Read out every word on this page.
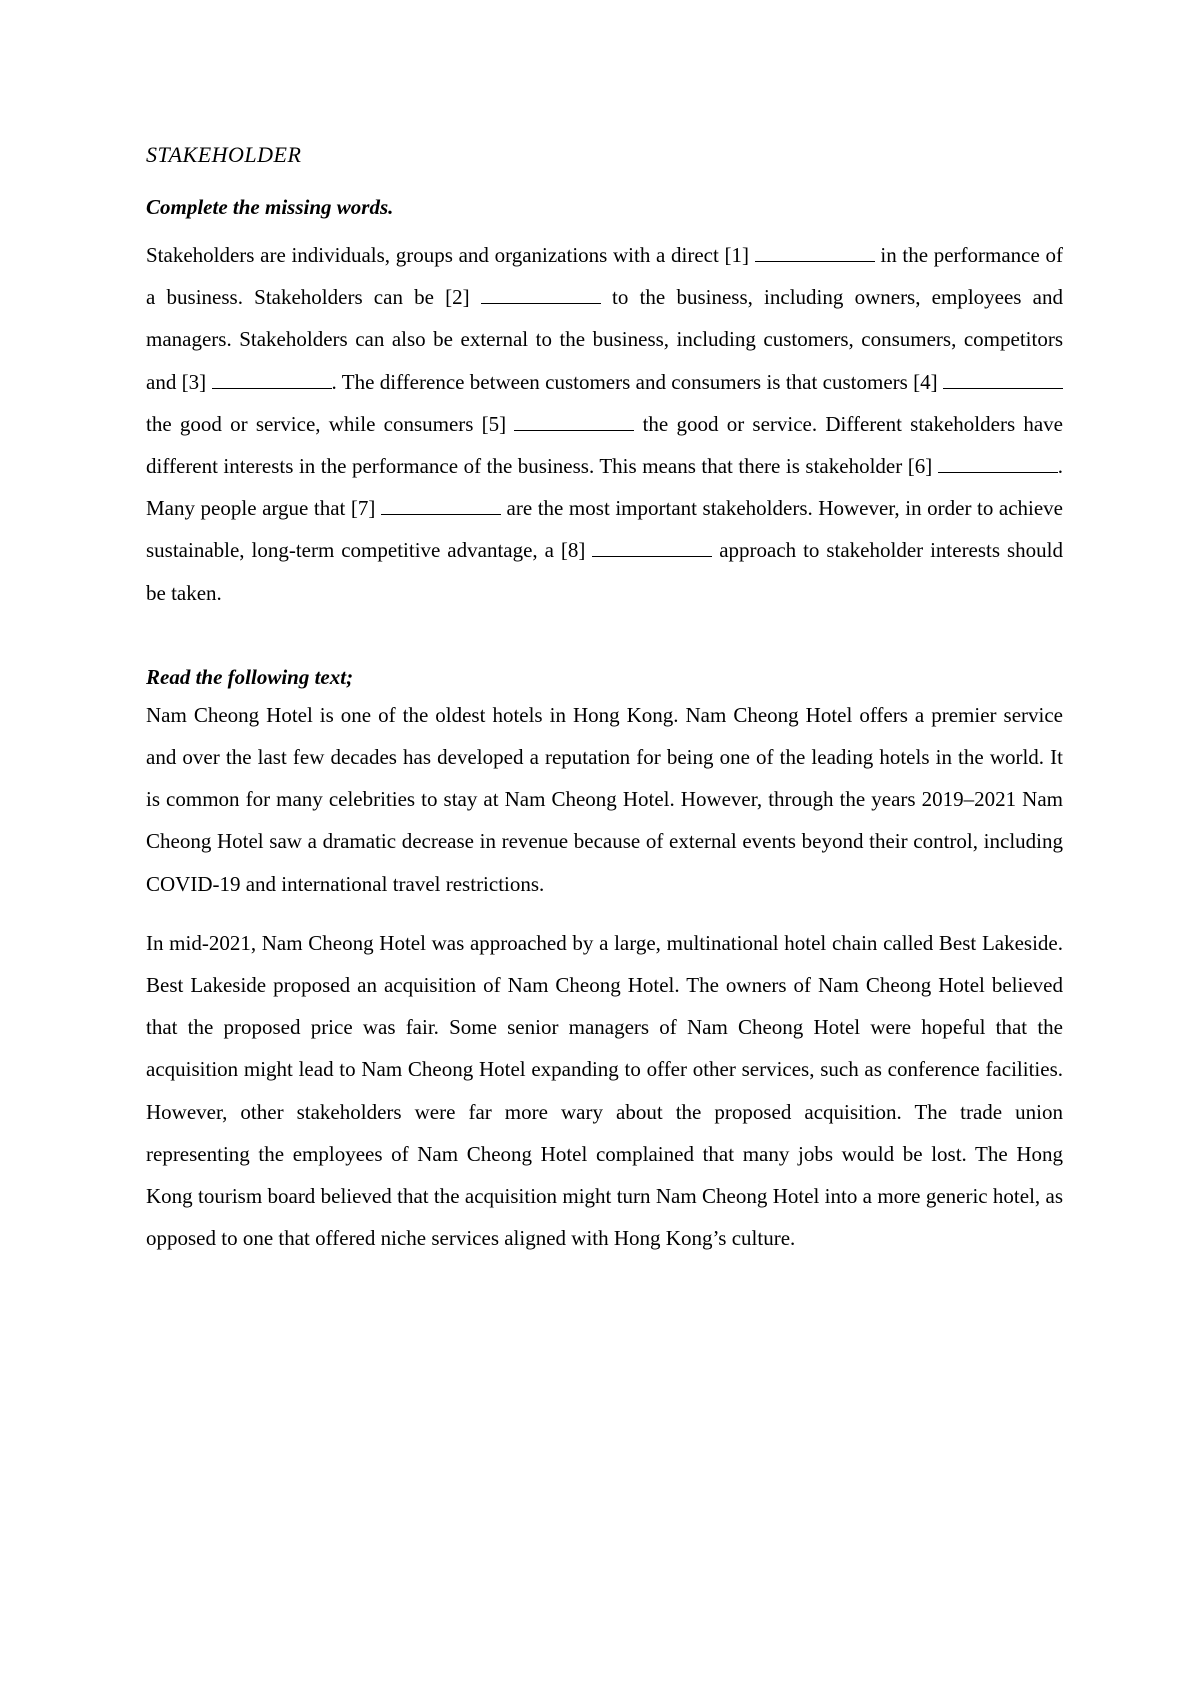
STAKEHOLDER
Complete the missing words.

Stakeholders are individuals, groups and organizations with a direct [1]	in the performance of a business. Stakeholders can be [2]	to the business, including owners, employees and managers. Stakeholders can also be external to the business, including customers, consumers, competitors and [3]	. The difference between customers and consumers is that customers [4]  the good or service, while consumers [5]	the good or service. Different stakeholders have different interests in the performance of the business. This means that there is stakeholder [6]	. Many people argue that [7]	are the most important stakeholders. However, in order to achieve sustainable, long-term competitive advantage, a [8]	approach to stakeholder interests should be taken.

Read the following text;

Nam Cheong Hotel is one of the oldest hotels in Hong Kong. Nam Cheong Hotel offers a premier service and over the last few decades has developed a reputation for being one of the leading hotels in the world. It is common for many celebrities to stay at Nam Cheong Hotel. However, through the years 2019–2021 Nam Cheong Hotel saw a dramatic decrease in revenue because of external events beyond their control, including COVID-19 and international travel restrictions.

In mid-2021, Nam Cheong Hotel was approached by a large, multinational hotel chain called Best Lakeside. Best Lakeside proposed an acquisition of Nam Cheong Hotel. The owners of Nam Cheong Hotel believed that the proposed price was fair. Some senior managers of Nam Cheong Hotel were hopeful that the acquisition might lead to Nam Cheong Hotel expanding to offer other services, such as conference facilities. However, other stakeholders were far more wary about the proposed acquisition. The trade union representing the employees of Nam Cheong Hotel complained that many jobs would be lost. The Hong Kong tourism board believed that the acquisition might turn Nam Cheong Hotel into a more generic hotel, as opposed to one that offered niche services aligned with Hong Kong’s culture.
